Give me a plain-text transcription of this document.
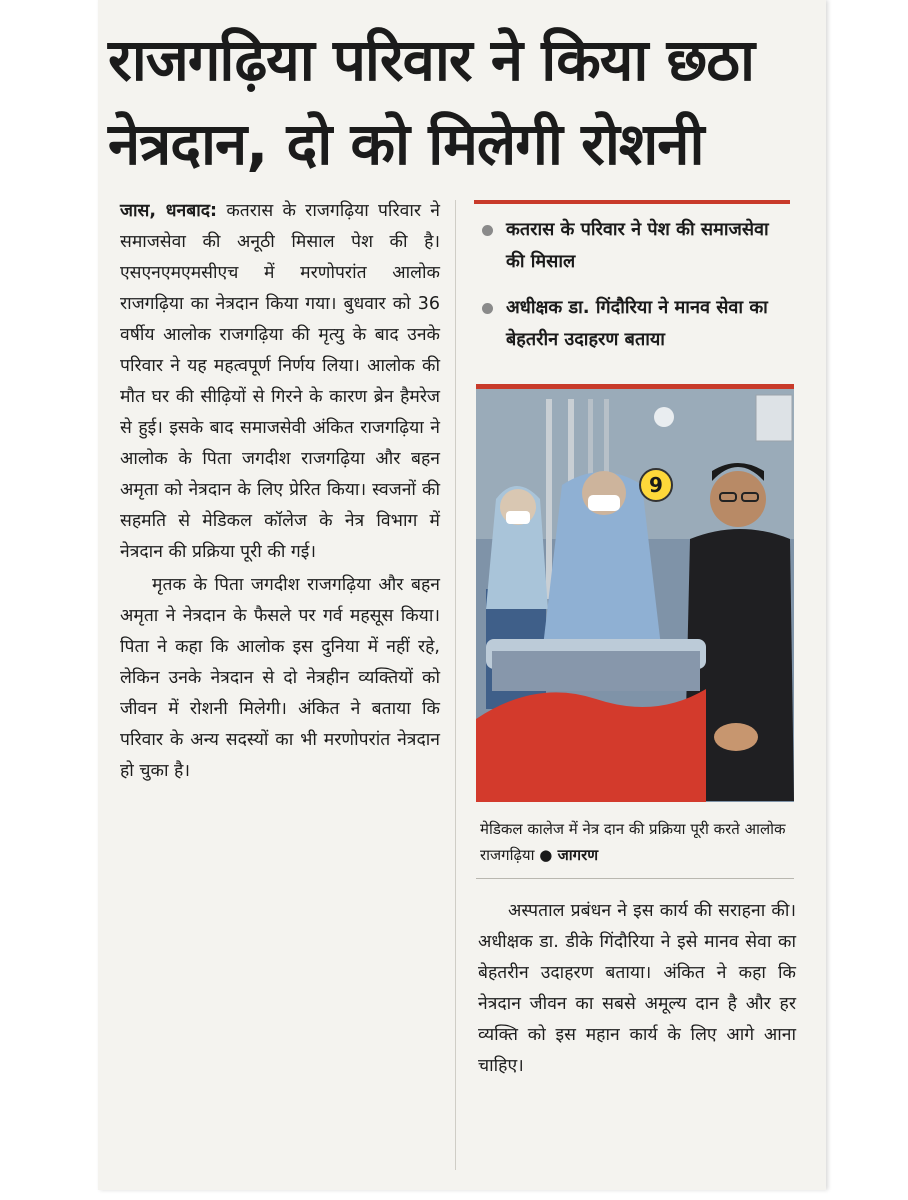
राजगढ़िया परिवार ने किया छठा
नेत्रदान, दो को मिलेगी रोशनी

जास, धनबाद: कतरास के राजगढ़िया परिवार ने समाजसेवा की अनूठी मिसाल पेश की है। एसएनएमएमसीएच में मरणोपरांत आलोक राजगढ़िया का नेत्रदान किया गया। बुधवार को 36 वर्षीय आलोक राजगढ़िया की मृत्यु के बाद उनके परिवार ने यह महत्वपूर्ण निर्णय लिया। आलोक की मौत घर की सीढ़ियों से गिरने के कारण ब्रेन हैमरेज से हुई। इसके बाद समाजसेवी अंकित राजगढ़िया ने आलोक के पिता जगदीश राजगढ़िया और बहन अमृता को नेत्रदान के लिए प्रेरित किया। स्वजनों की सहमति से मेडिकल कॉलेज के नेत्र विभाग में नेत्रदान की प्रक्रिया पूरी की गई।

मृतक के पिता जगदीश राजगढ़िया और बहन अमृता ने नेत्रदान के फैसले पर गर्व महसूस किया। पिता ने कहा कि आलोक इस दुनिया में नहीं रहे, लेकिन उनके नेत्रदान से दो नेत्रहीन व्यक्तियों को जीवन में रोशनी मिलेगी। अंकित ने बताया कि परिवार के अन्य सदस्यों का भी मरणोपरांत नेत्रदान हो चुका है।

कतरास के परिवार ने पेश की समाजसेवा की मिसाल
अधीक्षक डा. गिंदौरिया ने मानव सेवा का बेहतरीन उदाहरण बताया
9
मेडिकल कालेज में नेत्र दान की प्रक्रिया पूरी करते आलोक राजगढ़िया ● जागरण

अस्पताल प्रबंधन ने इस कार्य की सराहना की। अधीक्षक डा. डीके गिंदौरिया ने इसे मानव सेवा का बेहतरीन उदाहरण बताया। अंकित ने कहा कि नेत्रदान जीवन का सबसे अमूल्य दान है और हर व्यक्ति को इस महान कार्य के लिए आगे आना चाहिए।
